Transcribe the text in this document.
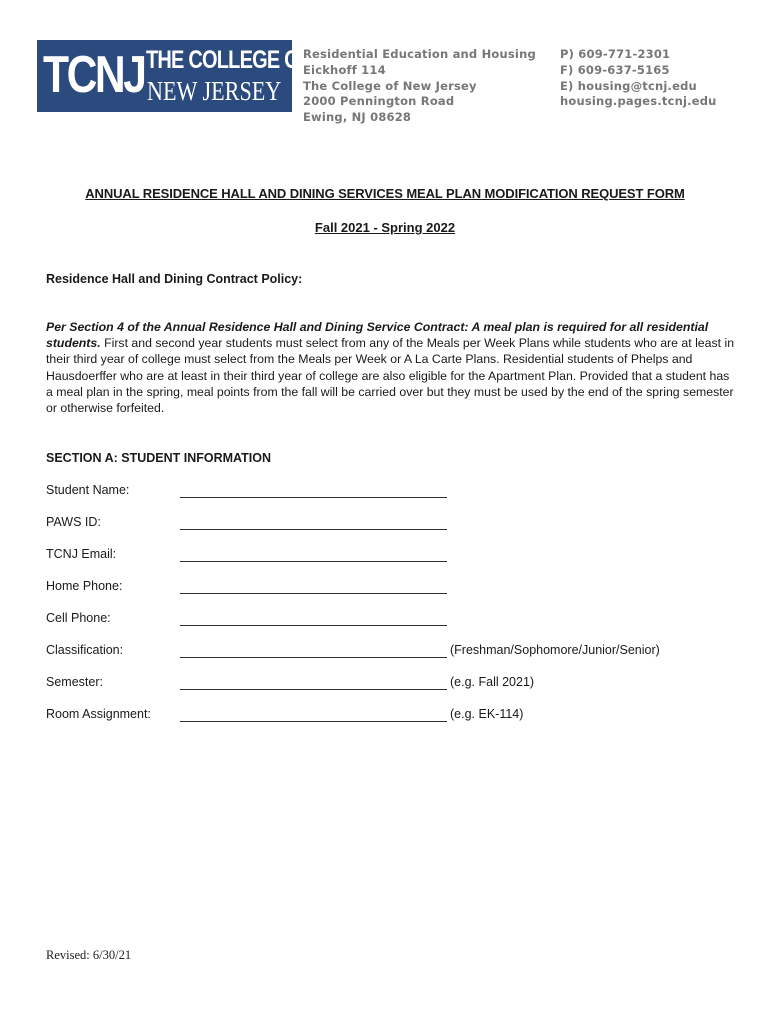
TCNJ THE COLLEGE OF
NEW JERSEY
Residential Education and Housing
Eickhoff 114
The College of New Jersey
2000 Pennington Road
Ewing, NJ 08628
P) 609-771-2301
F) 609-637-5165
E) housing@tcnj.edu
housing.pages.tcnj.edu
ANNUAL RESIDENCE HALL AND DINING SERVICES MEAL PLAN MODIFICATION REQUEST FORM
Fall 2021 - Spring 2022
Residence Hall and Dining Contract Policy:
Per Section 4 of the Annual Residence Hall and Dining Service Contract: A meal plan is required for all residential students. First and second year students must select from any of the Meals per Week Plans while students who are at least in their third year of college must select from the Meals per Week or A La Carte Plans. Residential students of Phelps and Hausdoerffer who are at least in their third year of college are also eligible for the Apartment Plan. Provided that a student has a meal plan in the spring, meal points from the fall will be carried over but they must be used by the end of the spring semester or otherwise forfeited.
SECTION A: STUDENT INFORMATION
Student Name:
PAWS ID:
TCNJ Email:
Home Phone:
Cell Phone:
Classification:	(Freshman/Sophomore/Junior/Senior)
Semester:	(e.g. Fall 2021)
Room Assignment:	(e.g. EK-114)
Revised: 6/30/21
